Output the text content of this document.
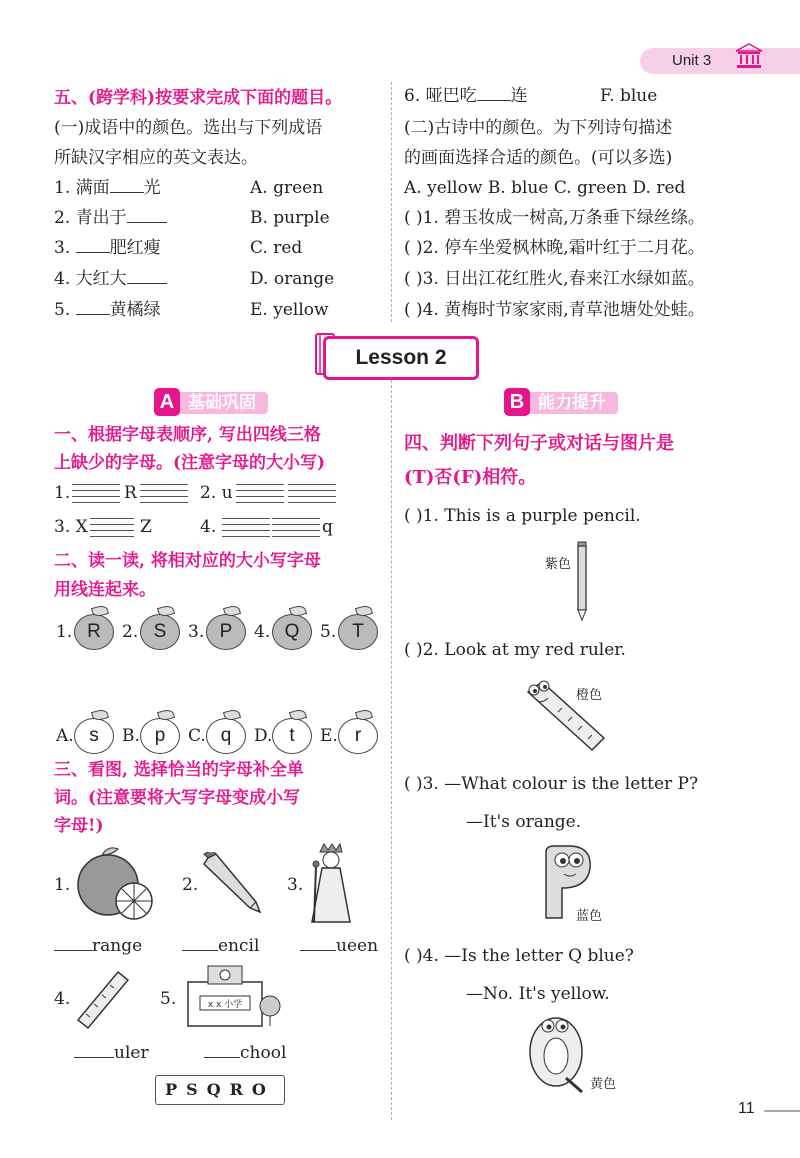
Unit 3
五、(跨学科)按要求完成下面的题目。
(一)成语中的颜色。选出与下列成语
所缺汉字相应的英文表达。
1. 满面 光
2. 青出于
3. 肥红瘦
4. 大红大
5. 黄橘绿
A. green
B. purple
C. red
D. orange
E. yellow
6. 哑巴吃 连	F. blue
(二)古诗中的颜色。为下列诗句描述
的画面选择合适的颜色。(可以多选)
A. yellow B. blue C. green D. red
( )1. 碧玉妆成一树高,万条垂下绿丝绦。
( )2. 停车坐爱枫林晚,霜叶红于二月花。
( )3. 日出江花红胜火,春来江水绿如蓝。
( )4. 黄梅时节家家雨,青草池塘处处蛙。
Lesson 2
A 基础巩固
一、根据字母表顺序, 写出四线三格
上缺少的字母。(注意字母的大小写)
1.	R	2. u
3. X	Z	4.	q
二、读一读, 将相对应的大小写字母
用线连起来。
1. R	2. S	3. P	4. Q	5. T
A. s	B. p	C. q	D. t	E. r
三、看图, 选择恰当的字母补全单
词。(注意要将大写字母变成小写
字母!)
1.	2.	3.
range	encil	ueen
4.	5.	x x 小学
uler	chool
PSQRO
B 能力提升
四、判断下列句子或对话与图片是
(T)否(F)相符。
( )1. This is a purple pencil.
紫色
( )2. Look at my red ruler.
橙色
( )3. —What colour is the letter P?
—It's orange.
蓝色
( )4. —Is the letter Q blue?
—No. It's yellow.
黄色
11
